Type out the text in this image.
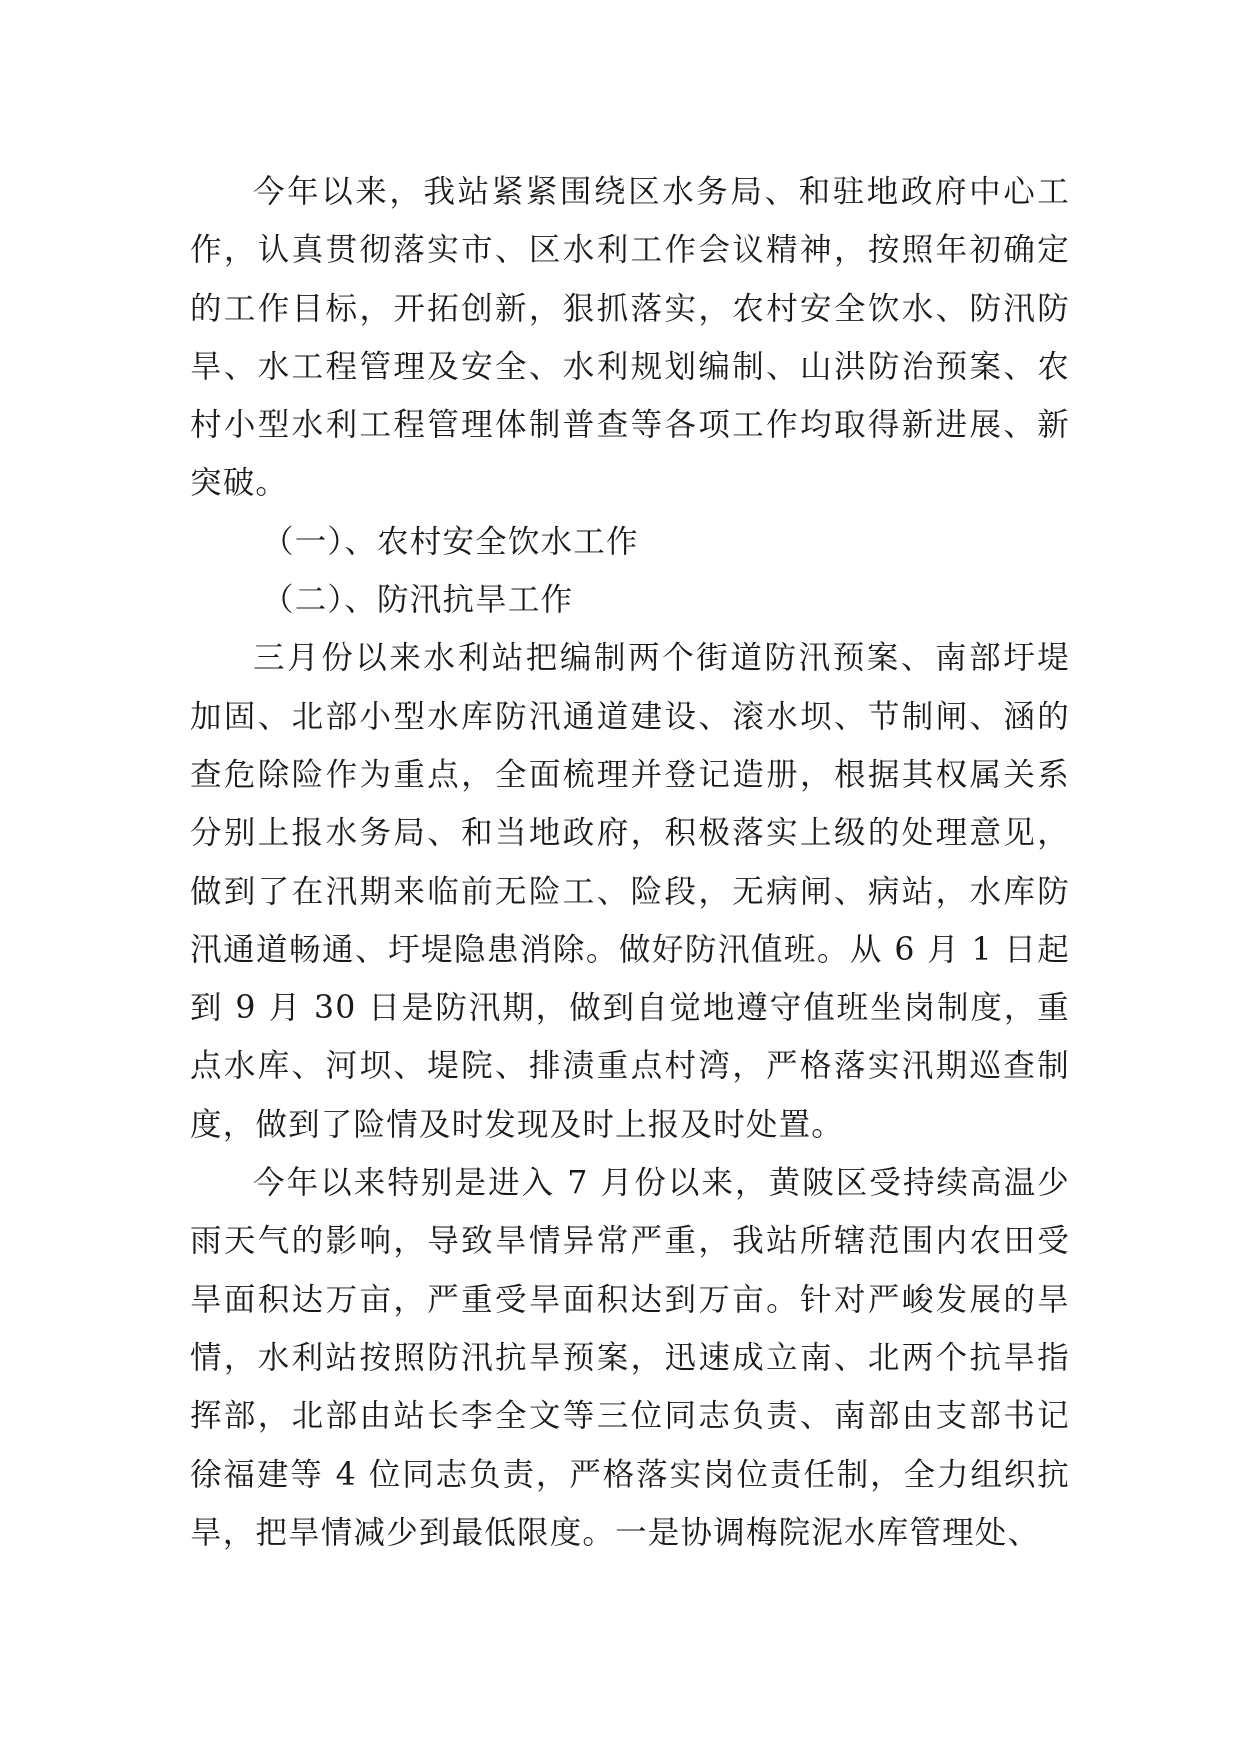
今年以来，我站紧紧围绕区水务局、和驻地政府中心工作，认真贯彻落实市、区水利工作会议精神，按照年初确定的工作目标，开拓创新，狠抓落实，农村安全饮水、防汛防旱、水工程管理及安全、水利规划编制、山洪防治预案、农村小型水利工程管理体制普查等各项工作均取得新进展、新突破。

（一）、农村安全饮水工作

（二）、防汛抗旱工作

三月份以来水利站把编制两个街道防汛预案、南部圩堤加固、北部小型水库防汛通道建设、滚水坝、节制闸、涵的查危除险作为重点，全面梳理并登记造册，根据其权属关系分别上报水务局、和当地政府，积极落实上级的处理意见，做到了在汛期来临前无险工、险段，无病闸、病站，水库防汛通道畅通、圩堤隐患消除。做好防汛值班。从 6 月 1 日起到 9 月 30 日是防汛期，做到自觉地遵守值班坐岗制度，重点水库、河坝、堤院、排渍重点村湾，严格落实汛期巡查制度，做到了险情及时发现及时上报及时处置。

今年以来特别是进入 7 月份以来，黄陂区受持续高温少雨天气的影响，导致旱情异常严重，我站所辖范围内农田受旱面积达万亩，严重受旱面积达到万亩。针对严峻发展的旱情，水利站按照防汛抗旱预案，迅速成立南、北两个抗旱指挥部，北部由站长李全文等三位同志负责、南部由支部书记徐福建等 4 位同志负责，严格落实岗位责任制，全力组织抗旱，把旱情减少到最低限度。一是协调梅院泥水库管理处、
